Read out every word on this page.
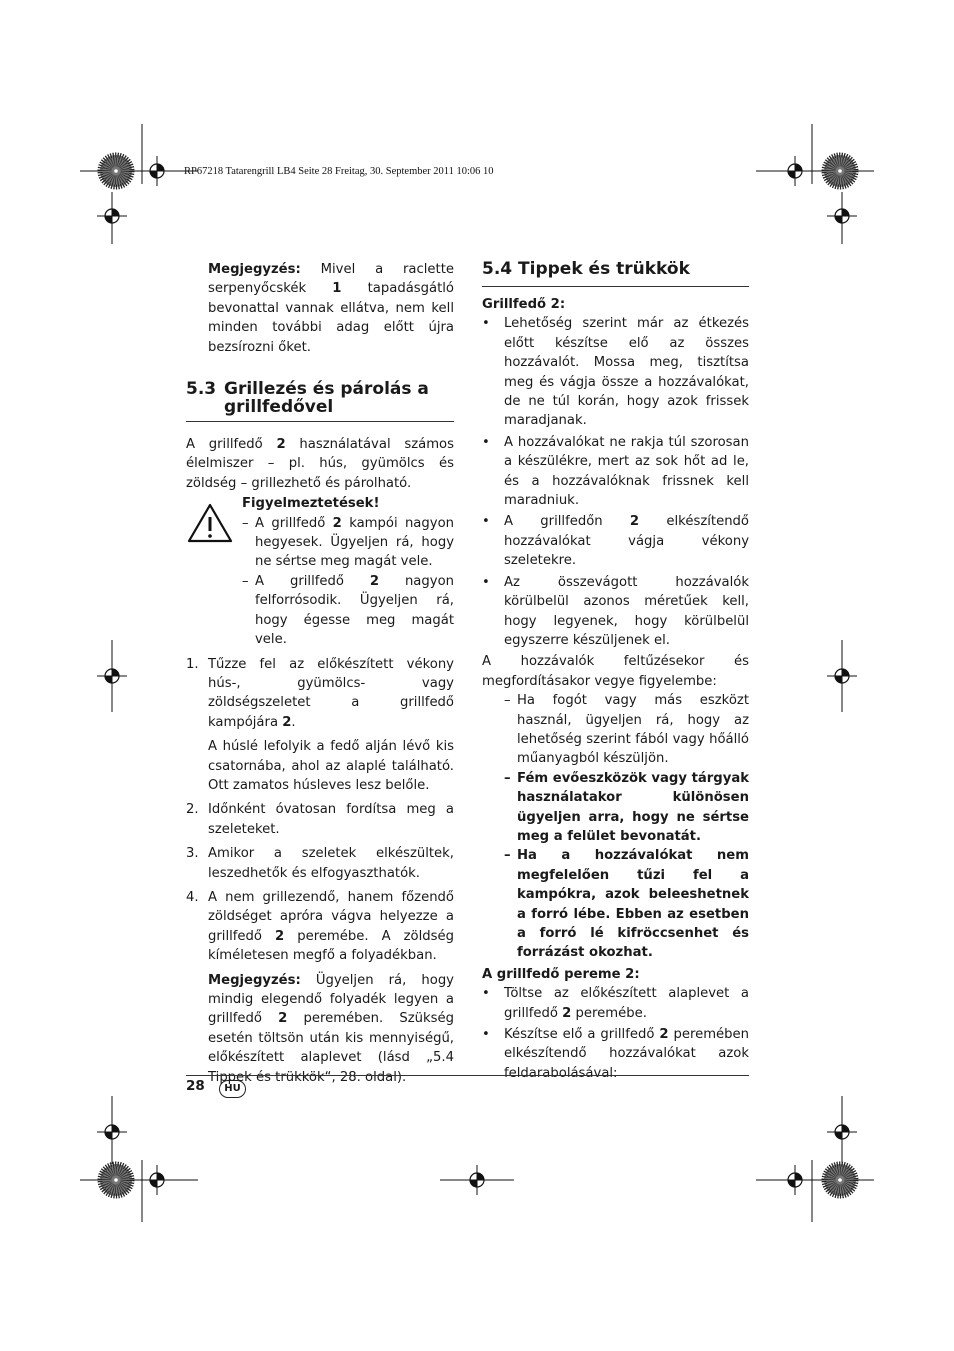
RP67218 Tatarengrill LB4 Seite 28 Freitag, 30. September 2011 10:06 10
Megjegyzés: Mivel a raclette serpenyőcskék 1 tapadásgátló bevonattal vannak ellátva, nem kell minden további adag előtt újra bezsírozni őket.
5.3 Grillezés és párolás a
grillfedővel

A grillfedő 2 használatával számos élelmiszer – pl. hús, gyümölcs és zöldség – grillezhető és párolható.

Figyelmeztetések!
– A grillfedő 2 kampói nagyon hegyesek. Ügyeljen rá, hogy ne sértse meg magát vele.
– A grillfedő 2 nagyon felforrósodik. Ügyeljen rá, hogy égesse meg magát vele.
1. Tűzze fel az előkészített vékony hús-, gyümölcs- vagy zöldségszeletet a grillfedő kampójára 2.

A húslé lefolyik a fedő alján lévő kis csatornába, ahol az alaplé található. Ott zamatos húsleves lesz belőle.

2. Időnként óvatosan fordítsa meg a szeleteket.
3. Amikor a szeletek elkészültek, leszedhetők és elfogyaszthatók.
4. A nem grillezendő, hanem főzendő zöldséget apróra vágva helyezze a grillfedő 2 peremébe. A zöldség kíméletesen megfő a folyadékban.

Megjegyzés: Ügyeljen rá, hogy mindig elegendő folyadék legyen a grillfedő 2 peremében. Szükség esetén töltsön után kis mennyiségű, előkészített alaplevet (lásd „5.4 Tippek és trükkök“, 28. oldal).

5.4 Tippek és trükkök
Grillfedő 2:
• Lehetőség szerint már az étkezés előtt készítse elő az összes hozzávalót. Mossa meg, tisztítsa meg és vágja össze a hozzávalókat, de ne túl korán, hogy azok frissek maradjanak.
• A hozzávalókat ne rakja túl szorosan a készülékre, mert az sok hőt ad le, és a hozzávalóknak frissnek kell maradniuk.
• A grillfedőn 2 elkészítendő hozzávalókat vágja vékony szeletekre.
• Az összevágott hozzávalók körülbelül azonos méretűek kell, hogy legyenek, hogy körülbelül egyszerre készüljenek el.

A hozzávalók feltűzésekor és megfordításakor vegye figyelembe:

– Ha fogót vagy más eszközt használ, ügyeljen rá, hogy az lehetőség szerint fából vagy hőálló műanyagból készüljön.
– Fém evőeszközök vagy tárgyak használatakor különösen ügyeljen arra, hogy ne sértse meg a felület bevonatát.
– Ha a hozzávalókat nem megfelelően tűzi fel a kampókra, azok beleeshetnek a forró lébe. Ebben az esetben a forró lé kifröccsenhet és forrázást okozhat.
A grillfedő pereme 2:
• Töltse az előkészített alaplevet a grillfedő 2 peremébe.
• Készítse elő a grillfedő 2 peremében elkészítendő hozzávalókat azok feldarabolásával:
28	HU
